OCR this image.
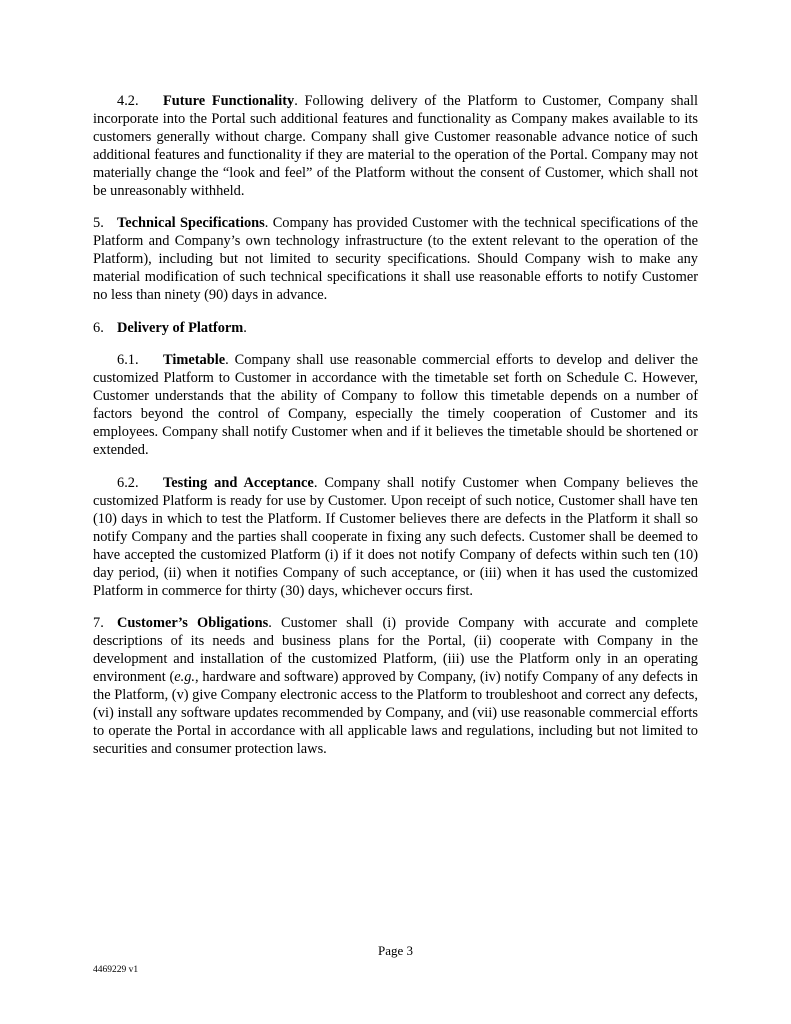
4.2. Future Functionality. Following delivery of the Platform to Customer, Company shall incorporate into the Portal such additional features and functionality as Company makes available to its customers generally without charge. Company shall give Customer reasonable advance notice of such additional features and functionality if they are material to the operation of the Portal. Company may not materially change the “look and feel” of the Platform without the consent of Customer, which shall not be unreasonably withheld.

5. Technical Specifications. Company has provided Customer with the technical specifications of the Platform and Company’s own technology infrastructure (to the extent relevant to the operation of the Platform), including but not limited to security specifications. Should Company wish to make any material modification of such technical specifications it shall use reasonable efforts to notify Customer no less than ninety (90) days in advance.

6. Delivery of Platform.

6.1. Timetable. Company shall use reasonable commercial efforts to develop and deliver the customized Platform to Customer in accordance with the timetable set forth on Schedule C. However, Customer understands that the ability of Company to follow this timetable depends on a number of factors beyond the control of Company, especially the timely cooperation of Customer and its employees. Company shall notify Customer when and if it believes the timetable should be shortened or extended.

6.2. Testing and Acceptance. Company shall notify Customer when Company believes the customized Platform is ready for use by Customer. Upon receipt of such notice, Customer shall have ten (10) days in which to test the Platform. If Customer believes there are defects in the Platform it shall so notify Company and the parties shall cooperate in fixing any such defects. Customer shall be deemed to have accepted the customized Platform (i) if it does not notify Company of defects within such ten (10) day period, (ii) when it notifies Company of such acceptance, or (iii) when it has used the customized Platform in commerce for thirty (30) days, whichever occurs first.

7. Customer’s Obligations. Customer shall (i) provide Company with accurate and complete descriptions of its needs and business plans for the Portal, (ii) cooperate with Company in the development and installation of the customized Platform, (iii) use the Platform only in an operating environment (e.g., hardware and software) approved by Company, (iv) notify Company of any defects in the Platform, (v) give Company electronic access to the Platform to troubleshoot and correct any defects, (vi) install any software updates recommended by Company, and (vii) use reasonable commercial efforts to operate the Portal in accordance with all applicable laws and regulations, including but not limited to securities and consumer protection laws.

Page 3
4469229 v1
